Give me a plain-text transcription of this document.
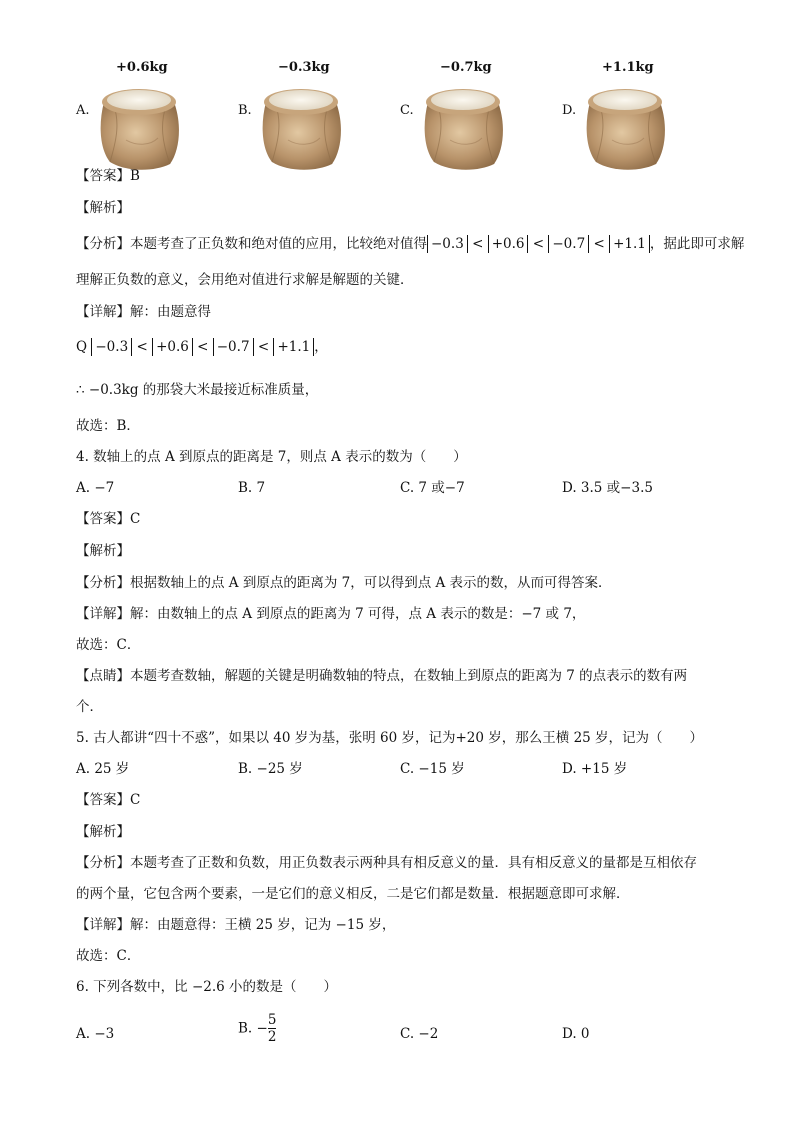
+0.6kg
A.
−0.3kg
B.
−0.7kg
C.
+1.1kg
D.
【答案】B
【解析】
【分析】本题考查了正负数和绝对值的应用，比较绝对值得 −0.3 < +0.6 < −0.7 < +1.1 ，据此即可求解
理解正负数的意义，会用绝对值进行求解是解题的关键．
【详解】解：由题意得
Q −0.3 < +0.6 < −0.7 < +1.1 ，
∴ −0.3kg 的那袋大米最接近标准质量，
故选：B．
4. 数轴上的点 A 到原点的距离是 7，则点 A 表示的数为（　　）
A. −7	B. 7	C. 7 或−7	D. 3.5 或−3.5
【答案】C
【解析】
【分析】根据数轴上的点 A 到原点的距离为 7，可以得到点 A 表示的数，从而可得答案．
【详解】解：由数轴上的点 A 到原点的距离为 7 可得，点 A 表示的数是：−7 或 7，
故选：C．
【点睛】本题考查数轴，解题的关键是明确数轴的特点，在数轴上到原点的距离为 7 的点表示的数有两
个．
5. 古人都讲“四十不惑”，如果以 40 岁为基，张明 60 岁，记为+20 岁，那么王横 25 岁，记为（　　）
A. 25 岁	B. −25 岁	C. −15 岁	D. +15 岁
【答案】C
【解析】
【分析】本题考查了正数和负数，用正负数表示两种具有相反意义的量．具有相反意义的量都是互相依存
的两个量，它包含两个要素，一是它们的意义相反，二是它们都是数量．根据题意即可求解．
【详解】解：由题意得：王横 25 岁，记为 −15 岁，
故选：C．
6. 下列各数中，比 −2.6 小的数是（　　）
A. −3	B. − $\frac{5}{2}$	C. −2	D. 0
